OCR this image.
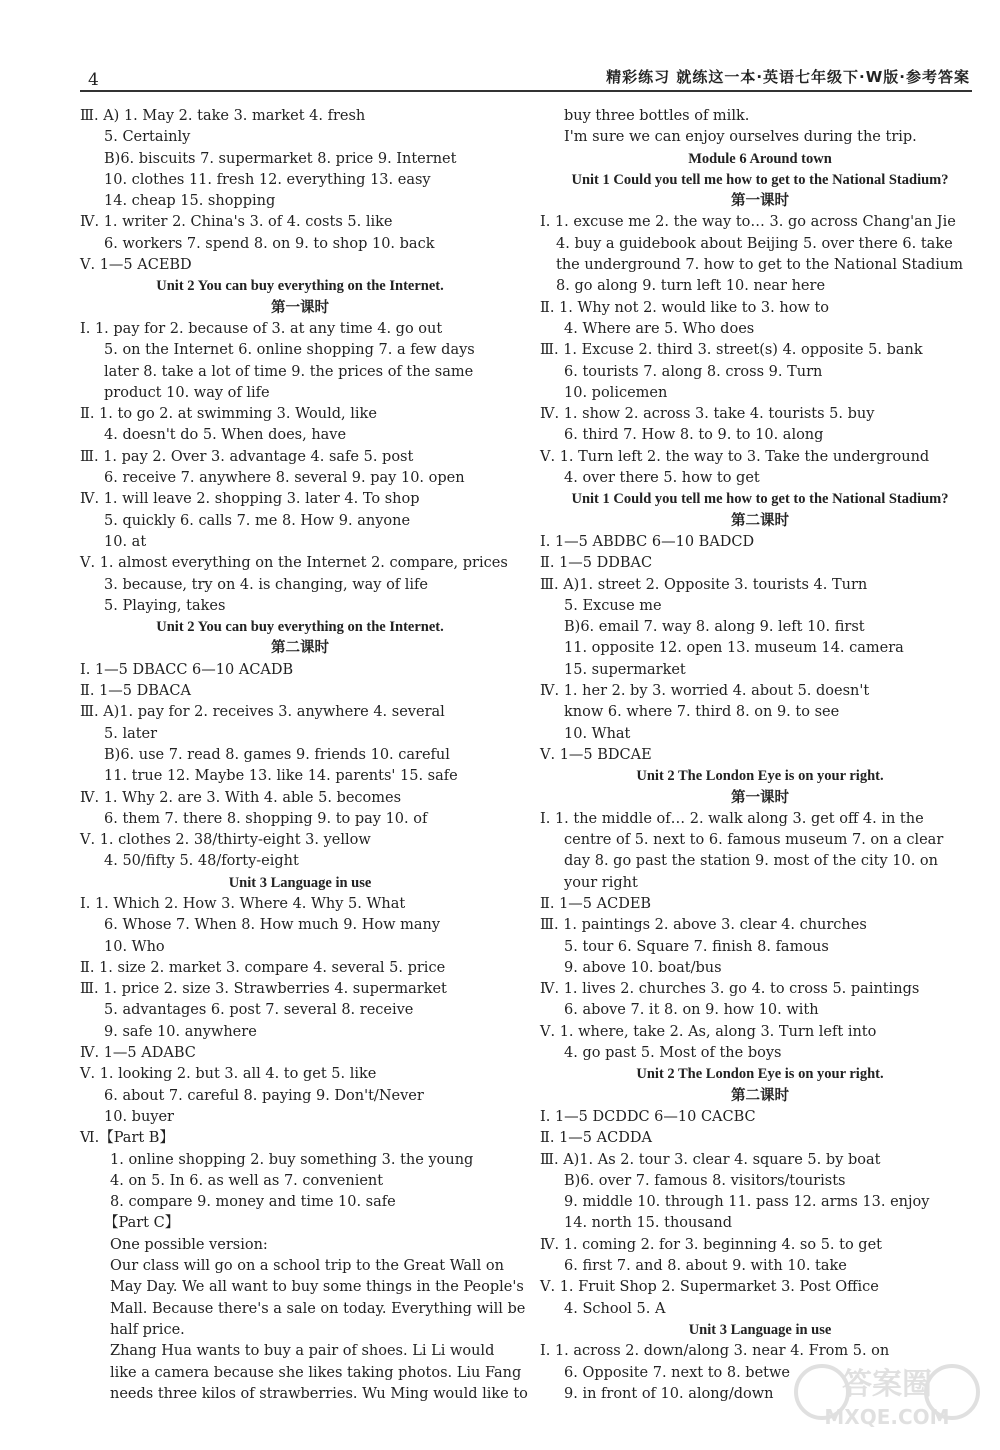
4	精彩练习 就练这一本·英语七年级下·W版·参考答案
Ⅲ. A) 1. May 2. take 3. market 4. fresh
5. Certainly
B)6. biscuits 7. supermarket 8. price 9. Internet
10. clothes 11. fresh 12. everything 13. easy
14. cheap 15. shopping
Ⅳ. 1. writer 2. China's 3. of 4. costs 5. like
6. workers 7. spend 8. on 9. to shop 10. back
Ⅴ. 1—5 ACEBD
Unit 2 You can buy everything on the Internet.
第一课时
Ⅰ. 1. pay for 2. because of 3. at any time 4. go out
5. on the Internet 6. online shopping 7. a few days
later 8. take a lot of time 9. the prices of the same
product 10. way of life
Ⅱ. 1. to go 2. at swimming 3. Would, like
4. doesn't do 5. When does, have
Ⅲ. 1. pay 2. Over 3. advantage 4. safe 5. post
6. receive 7. anywhere 8. several 9. pay 10. open
Ⅳ. 1. will leave 2. shopping 3. later 4. To shop
5. quickly 6. calls 7. me 8. How 9. anyone
10. at
Ⅴ. 1. almost everything on the Internet 2. compare, prices
3. because, try on 4. is changing, way of life
5. Playing, takes
Unit 2 You can buy everything on the Internet.
第二课时
Ⅰ. 1—5 DBACC 6—10 ACADB
Ⅱ. 1—5 DBACA
Ⅲ. A)1. pay for 2. receives 3. anywhere 4. several
5. later
B)6. use 7. read 8. games 9. friends 10. careful
11. true 12. Maybe 13. like 14. parents' 15. safe
Ⅳ. 1. Why 2. are 3. With 4. able 5. becomes
6. them 7. there 8. shopping 9. to pay 10. of
Ⅴ. 1. clothes 2. 38/thirty-eight 3. yellow
4. 50/fifty 5. 48/forty-eight
Unit 3 Language in use
Ⅰ. 1. Which 2. How 3. Where 4. Why 5. What
6. Whose 7. When 8. How much 9. How many
10. Who
Ⅱ. 1. size 2. market 3. compare 4. several 5. price
Ⅲ. 1. price 2. size 3. Strawberries 4. supermarket
5. advantages 6. post 7. several 8. receive
9. safe 10. anywhere
Ⅳ. 1—5 ADABC
Ⅴ. 1. looking 2. but 3. all 4. to get 5. like
6. about 7. careful 8. paying 9. Don't/Never
10. buyer
Ⅵ.【Part B】
1. online shopping 2. buy something 3. the young
4. on 5. In 6. as well as 7. convenient
8. compare 9. money and time 10. safe
【Part C】
One possible version:
Our class will go on a school trip to the Great Wall on
May Day. We all want to buy some things in the People's
Mall. Because there's a sale on today. Everything will be
half price.
Zhang Hua wants to buy a pair of shoes. Li Li would
like a camera because she likes taking photos. Liu Fang
needs three kilos of strawberries. Wu Ming would like to
buy three bottles of milk.
I'm sure we can enjoy ourselves during the trip.
Module 6 Around town
Unit 1 Could you tell me how to get to the National Stadium?
第一课时
Ⅰ. 1. excuse me 2. the way to… 3. go across Chang'an Jie
4. buy a guidebook about Beijing 5. over there 6. take
the underground 7. how to get to the National Stadium
8. go along 9. turn left 10. near here
Ⅱ. 1. Why not 2. would like to 3. how to
4. Where are 5. Who does
Ⅲ. 1. Excuse 2. third 3. street(s) 4. opposite 5. bank
6. tourists 7. along 8. cross 9. Turn
10. policemen
Ⅳ. 1. show 2. across 3. take 4. tourists 5. buy
6. third 7. How 8. to 9. to 10. along
Ⅴ. 1. Turn left 2. the way to 3. Take the underground
4. over there 5. how to get
Unit 1 Could you tell me how to get to the National Stadium?
第二课时
Ⅰ. 1—5 ABDBC 6—10 BADCD
Ⅱ. 1—5 DDBAC
Ⅲ. A)1. street 2. Opposite 3. tourists 4. Turn
5. Excuse me
B)6. email 7. way 8. along 9. left 10. first
11. opposite 12. open 13. museum 14. camera
15. supermarket
Ⅳ. 1. her 2. by 3. worried 4. about 5. doesn't
know 6. where 7. third 8. on 9. to see
10. What
Ⅴ. 1—5 BDCAE
Unit 2 The London Eye is on your right.
第一课时
Ⅰ. 1. the middle of… 2. walk along 3. get off 4. in the
centre of 5. next to 6. famous museum 7. on a clear
day 8. go past the station 9. most of the city 10. on
your right
Ⅱ. 1—5 ACDEB
Ⅲ. 1. paintings 2. above 3. clear 4. churches
5. tour 6. Square 7. finish 8. famous
9. above 10. boat/bus
Ⅳ. 1. lives 2. churches 3. go 4. to cross 5. paintings
6. above 7. it 8. on 9. how 10. with
Ⅴ. 1. where, take 2. As, along 3. Turn left into
4. go past 5. Most of the boys
Unit 2 The London Eye is on your right.
第二课时
Ⅰ. 1—5 DCDDC 6—10 CACBC
Ⅱ. 1—5 ACDDA
Ⅲ. A)1. As 2. tour 3. clear 4. square 5. by boat
B)6. over 7. famous 8. visitors/tourists
9. middle 10. through 11. pass 12. arms 13. enjoy
14. north 15. thousand
Ⅳ. 1. coming 2. for 3. beginning 4. so 5. to get
6. first 7. and 8. about 9. with 10. take
Ⅴ. 1. Fruit Shop 2. Supermarket 3. Post Office
4. School 5. A
Unit 3 Language in use
Ⅰ. 1. across 2. down/along 3. near 4. From 5. on
6. Opposite 7. next to 8. betwe
9. in front of 10. along/down	答案圈
MXQE.COM
